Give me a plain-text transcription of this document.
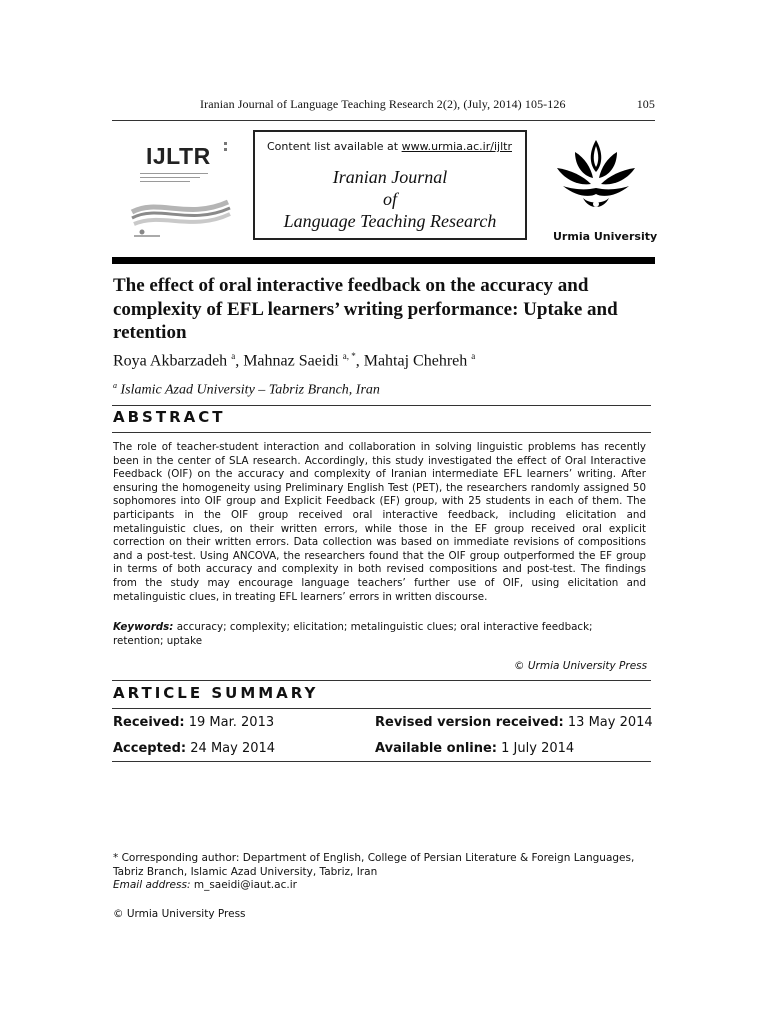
Iranian Journal of Language Teaching Research 2(2), (July, 2014) 105-126	105
IJLTR	Content list available at www.urmia.ac.ir/ijltr
Iranian Journal
of
Language Teaching Research
Urmia University
The effect of oral interactive feedback on the accuracy and complexity of EFL learners’ writing performance: Uptake and retention
Roya Akbarzadeh $^a$, Mahnaz Saeidi $^{a, *}$, Mahtaj Chehreh $^a$
$^a$ Islamic Azad University – Tabriz Branch, Iran
ABSTRACT
The role of teacher-student interaction and collaboration in solving linguistic problems has recently been in the center of SLA research. Accordingly, this study investigated the effect of Oral Interactive Feedback (OIF) on the accuracy and complexity of Iranian intermediate EFL learners’ writing. After ensuring the homogeneity using Preliminary English Test (PET), the researchers randomly assigned 50 sophomores into OIF group and Explicit Feedback (EF) group, with 25 students in each of them. The participants in the OIF group received oral interactive feedback, including elicitation and metalinguistic clues, on their written errors, while those in the EF group received oral explicit correction on their written errors. Data collection was based on immediate revisions of compositions and a post-test. Using ANCOVA, the researchers found that the OIF group outperformed the EF group in terms of both accuracy and complexity in both revised compositions and post-test. The findings from the study may encourage language teachers’ further use of OIF, using elicitation and metalinguistic clues, in treating EFL learners’ errors in written discourse.
Keywords: accuracy; complexity; elicitation; metalinguistic clues; oral interactive feedback; retention; uptake
© Urmia University Press
ARTICLE SUMMARY
Received: 19 Mar. 2013	Revised version received: 13 May 2014
Accepted: 24 May 2014	Available online: 1 July 2014
* Corresponding author: Department of English, College of Persian Literature & Foreign Languages, Tabriz Branch, Islamic Azad University, Tabriz, Iran
Email address: m_saeidi@iaut.ac.ir
© Urmia University Press
